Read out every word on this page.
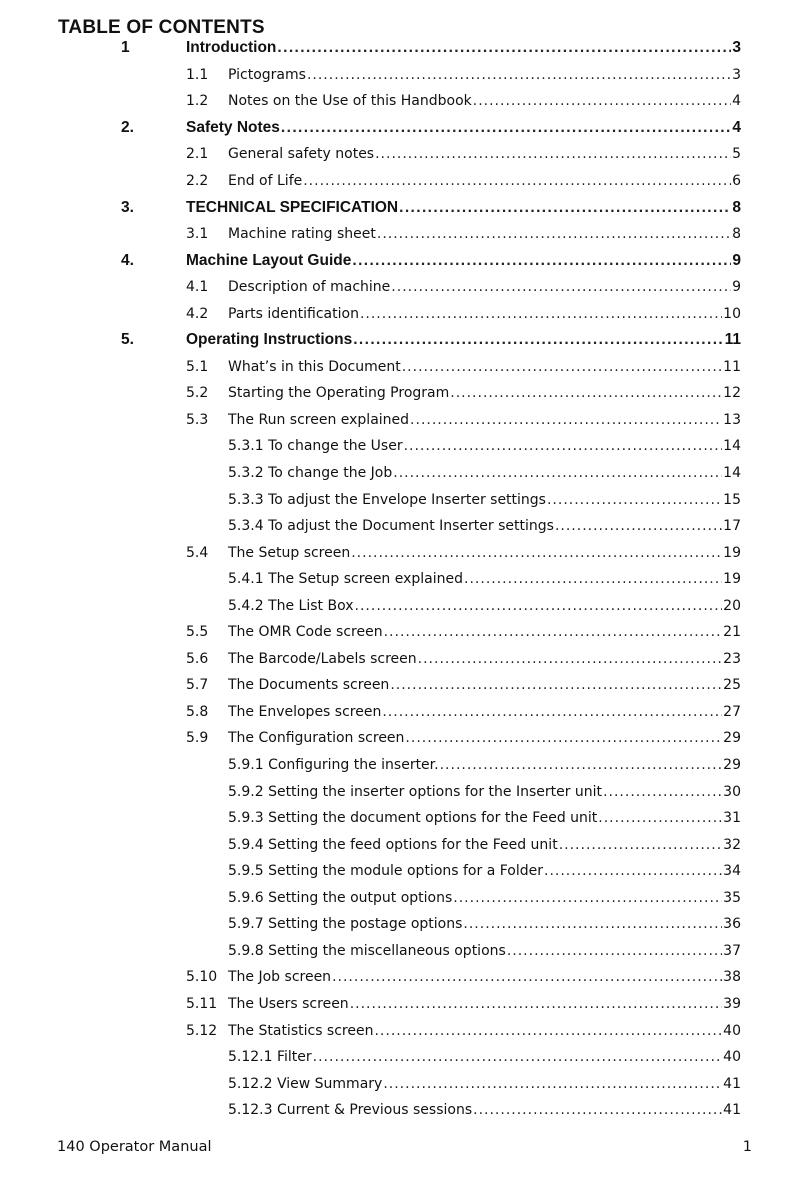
TABLE OF CONTENTS
1	Introduction .....	3
1.1 Pictograms .....	3
1.2 Notes on the Use of this Handbook .....	4
2.	Safety Notes .....	4
2.1 General safety notes .....	5
2.2 End of Life .....	6
3.	TECHNICAL SPECIFICATION .....	8
3.1 Machine rating sheet .....	8
4.	Machine Layout Guide .....	9
4.1 Description of machine .....	9
4.2 Parts identification .....	10
5.	Operating Instructions .....	11
5.1 What’s in this Document .....	11
5.2 Starting the Operating Program .....	12
5.3 The Run screen explained .....	13
5.3.1 To change the User .....	14
5.3.2 To change the Job .....	14
5.3.3 To adjust the Envelope Inserter settings .....	15
5.3.4 To adjust the Document Inserter settings .....	17
5.4 The Setup screen .....	19
5.4.1 The Setup screen explained .....	19
5.4.2 The List Box .....	20
5.5 The OMR Code screen .....	21
5.6 The Barcode/Labels screen .....	23
5.7 The Documents screen .....	25
5.8 The Envelopes screen .....	27
5.9 The Configuration screen .....	29
5.9.1 Configuring the inserter. .....	29
5.9.2 Setting the inserter options for the Inserter unit .....	30
5.9.3 Setting the document options for the Feed unit .....	31
5.9.4 Setting the feed options for the Feed unit .....	32
5.9.5 Setting the module options for a Folder .....	34
5.9.6 Setting the output options .....	35
5.9.7 Setting the postage options .....	36
5.9.8 Setting the miscellaneous options .....	37
5.10 The Job screen .....	38
5.11 The Users screen .....	39
5.12 The Statistics screen .....	40
5.12.1 Filter .....	40
5.12.2 View Summary .....	41
5.12.3 Current & Previous sessions .....	41
140 Operator Manual	1
